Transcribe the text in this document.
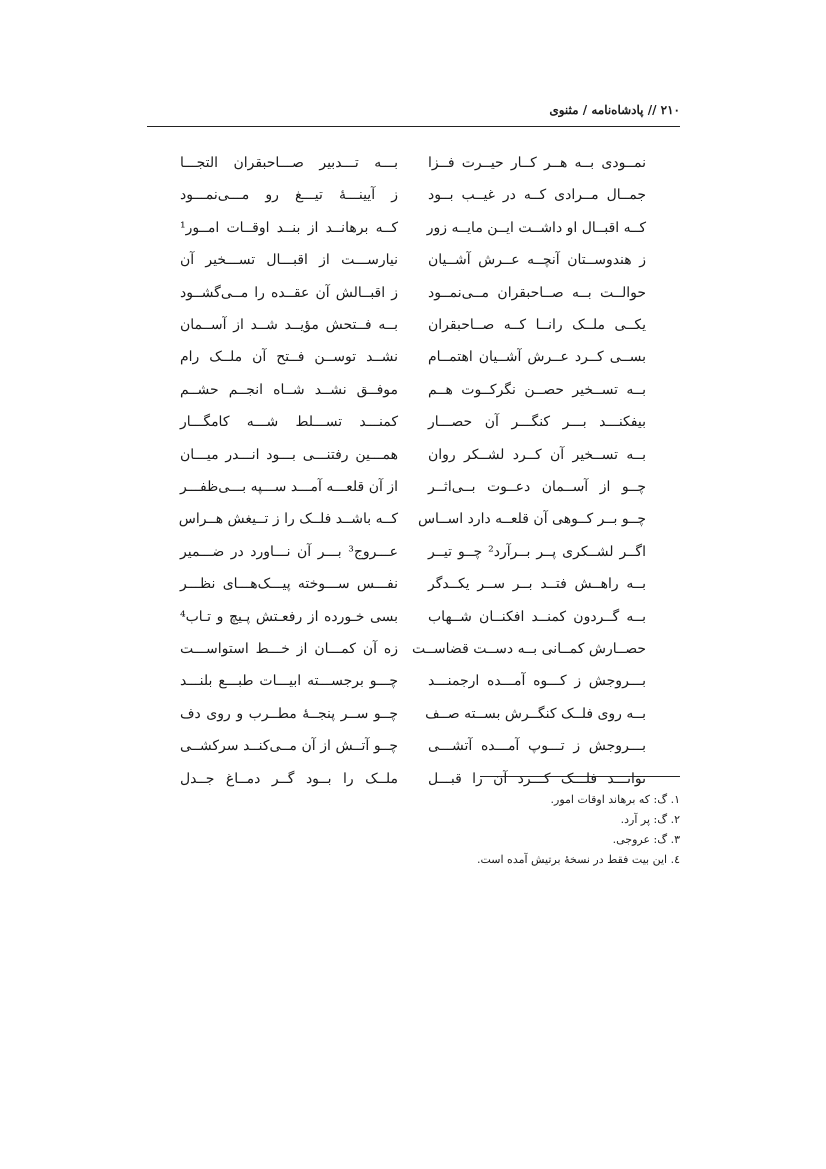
۲۱۰ // پادشاه‌نامه / مثنوی
نمــودی بــه هــر کــار حیــرت فــزا
بـــه تـــدبیر صـــاحبقران التجـــا
جمــال مــرادی کــه در غیــب بــود
ز آیینـــهٔ تیـــغ رو مـــی‌نمـــود
کــه اقبــال او داشــت ایــن مایــه زور
کــه برهانــد از بنــد اوقــات امــور¹
ز هندوســتان آنچــه عــرش آشــیان
نیارســـت از اقبـــال تســـخیر آن
حوالــت بــه صــاحبقران مــی‌نمــود
ز اقبــالش آن عقــده را مــی‌گشــود
یکــی ملــک رانــا کــه صــاحبقران
بــه فــتحش مؤیــد شــد از آســمان
بســی کــرد عــرش آشــیان اهتمــام
نشــد توســن فــتح آن ملــک رام
بــه تســخیر حصــن نگرکــوت هــم
موفــق نشــد شــاه انجــم حشــم
بیفکنـــد بـــر کنگـــر آن حصـــار
کمنـــد تســـلط شـــه کامگـــار
بــه تســخیر آن کــرد لشــکر روان
همـــین رفتنـــی بـــود انـــدر میـــان
چــو از آســمان دعــوت بــی‌اثــر
از آن قلعـــه آمـــد ســـپه بـــی‌ظفـــر
چــو بــر کــوهی آن قلعــه دارد اســاس
کــه باشــد فلــک را ز تــیغش هــراس
اگــر لشــکری پــر بــرآرد² چــو تیــر
عـــروج³ بـــر آن نـــاورد در ضـــمیر
بــه راهــش فتــد بــر ســر یکــدگر
نفـــس ســـوخته پیـــک‌هـــای نظـــر
بــه گــردون کمنــد افکنــان شــهاب
بسی خـورده از رفعـتش پـیچ و تـاب⁴
حصــارش کمــانی بــه دســت قضاســت
زه آن کمـــان از خـــط استواســـت
بـــروجش ز کـــوه آمـــده ارجمنـــد
چـــو برجســـته ابیـــات طبـــع بلنـــد
بــه روی فلــک کنگــرش بســته صــف
چــو ســر پنجــهٔ مطــرب و روی دف
بـــروجش ز تـــوپ آمـــده آتشـــی
چــو آتــش از آن مــی‌کنــد سرکشــی
توانـــد فلـــک کـــرد آن را قبـــل
ملــک را بــود گــر دمــاغ جــدل
۱. گ: که برهاند اوقات امور.
۲. گ: پر آرد.
۳. گ: عروجی.
٤. این بیت فقط در نسخهٔ برتیش آمده است.
